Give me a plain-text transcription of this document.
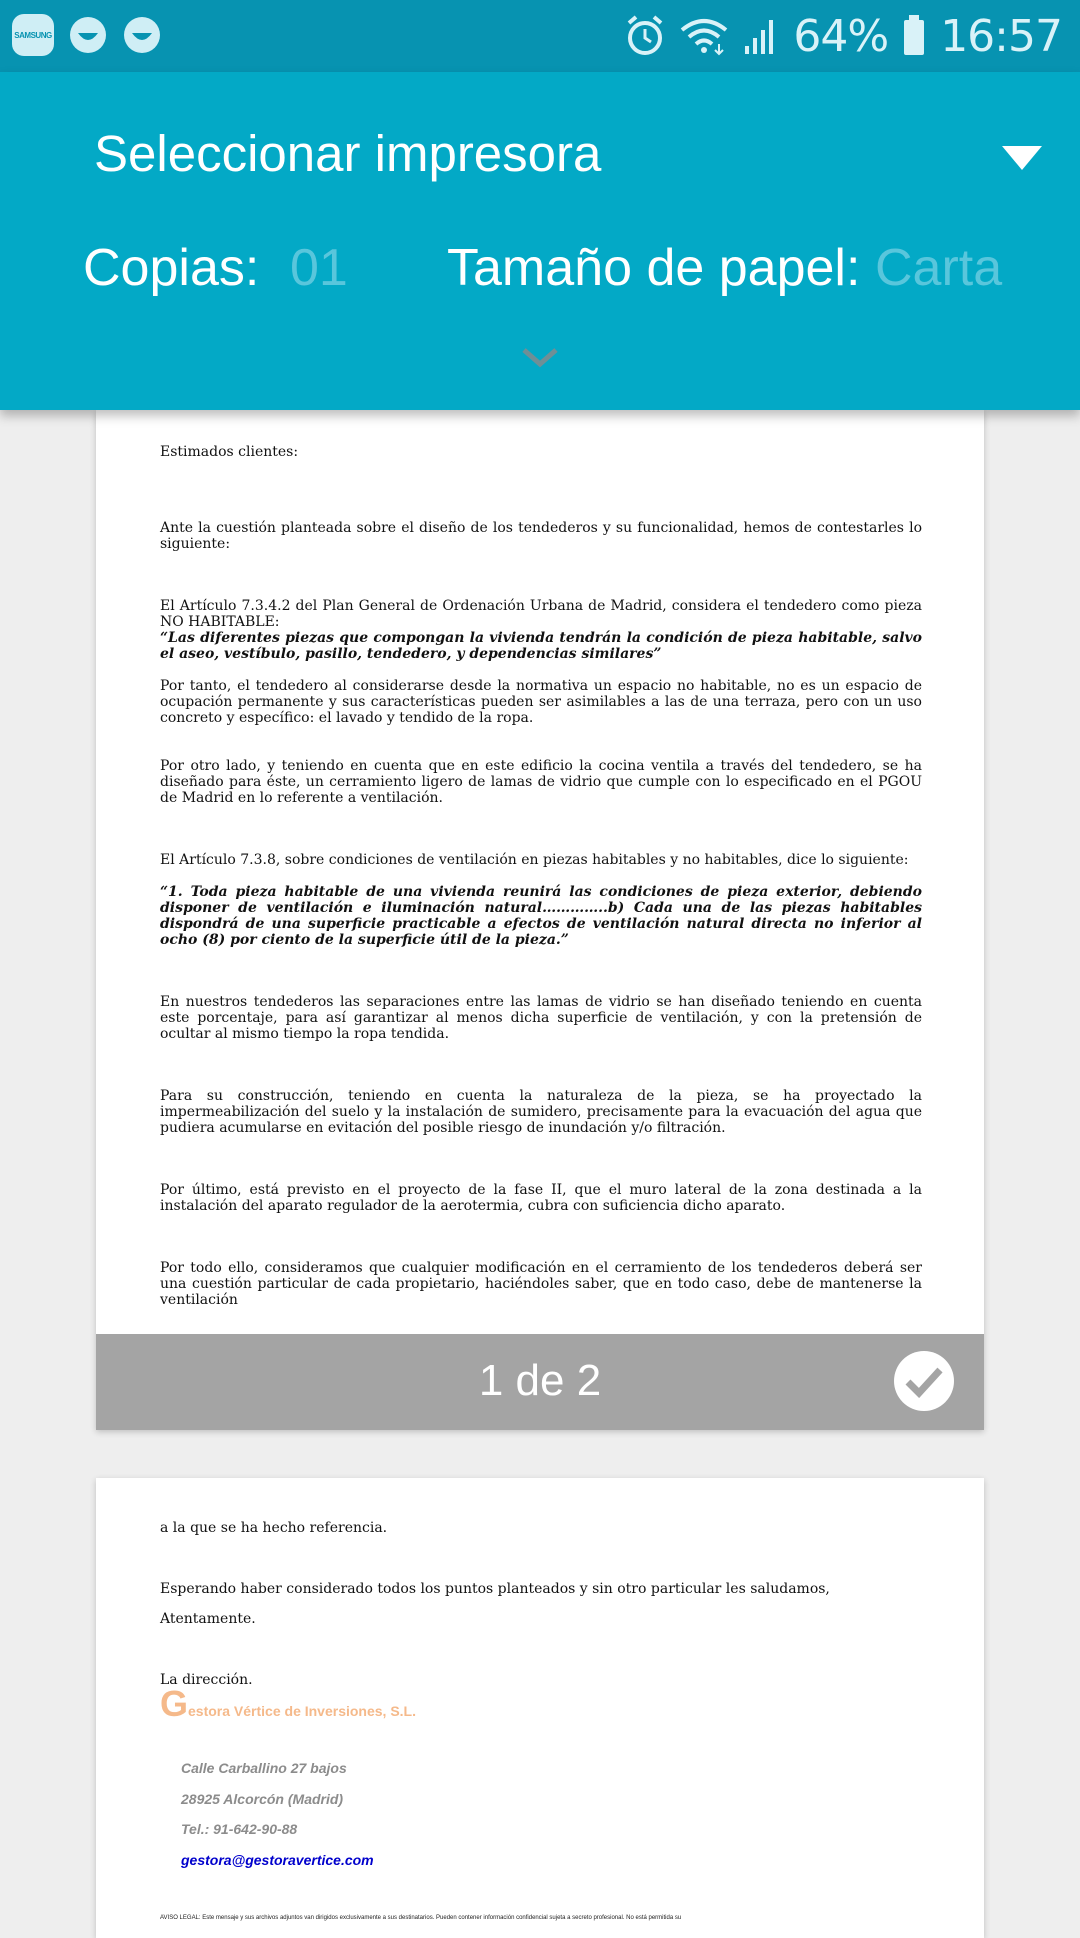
SAMSUNG	64% 16:57
Seleccionar impresora
Copias: 01 Tamaño de papel: Carta

Estimados clientes:

Ante la cuestión planteada sobre el diseño de los tendederos y su funcionalidad, hemos de contestarles lo siguiente:

El Artículo 7.3.4.2 del Plan General de Ordenación Urbana de Madrid, considera el tendedero como pieza NO HABITABLE:

“Las diferentes piezas que compongan la vivienda tendrán la condición de pieza habitable, salvo el aseo, vestíbulo, pasillo, tendedero, y dependencias similares”

Por tanto, el tendedero al considerarse desde la normativa un espacio no habitable, no es un espacio de ocupación permanente y sus características pueden ser asimilables a las de una terraza, pero con un uso concreto y específico: el lavado y tendido de la ropa.

Por otro lado, y teniendo en cuenta que en este edificio la cocina ventila a través del tendedero, se ha diseñado para éste, un cerramiento ligero de lamas de vidrio que cumple con lo especificado en el PGOU de Madrid en lo referente a ventilación.

El Artículo 7.3.8, sobre condiciones de ventilación en piezas habitables y no habitables, dice lo siguiente:

“1. Toda pieza habitable de una vivienda reunirá las condiciones de pieza exterior, debiendo disponer de ventilación e iluminación natural…………..b) Cada una de las piezas habitables dispondrá de una superficie practicable a efectos de ventilación natural directa no inferior al ocho (8) por ciento de la superficie útil de la pieza.”

En nuestros tendederos las separaciones entre las lamas de vidrio se han diseñado teniendo en cuenta este porcentaje, para así garantizar al menos dicha superficie de ventilación, y con la pretensión de ocultar al mismo tiempo la ropa tendida.

Para su construcción, teniendo en cuenta la naturaleza de la pieza, se ha proyectado la impermeabilización del suelo y la instalación de sumidero, precisamente para la evacuación del agua que pudiera acumularse en evitación del posible riesgo de inundación y/o filtración.

Por último, está previsto en el proyecto de la fase II, que el muro lateral de la zona destinada a la instalación del aparato regulador de la aerotermia, cubra con suficiencia dicho aparato.

Por todo ello, consideramos que cualquier modificación en el cerramiento de los tendederos deberá ser una cuestión particular de cada propietario, haciéndoles saber, que en todo caso, debe de mantenerse la ventilación

1 de 2

a la que se ha hecho referencia.

Esperando haber considerado todos los puntos planteados y sin otro particular les saludamos,

Atentamente.

La dirección.

Gestora Vértice de Inversiones, S.L.
Calle Carballino 27 bajos
28925 Alcorcón (Madrid)
Tel.: 91-642-90-88
gestora@gestoravertice.com
AVISO LEGAL: Este mensaje y sus archivos adjuntos van dirigidos exclusivamente a sus destinatarios. Pueden contener información confidencial sujeta a secreto profesional. No está permitida su
